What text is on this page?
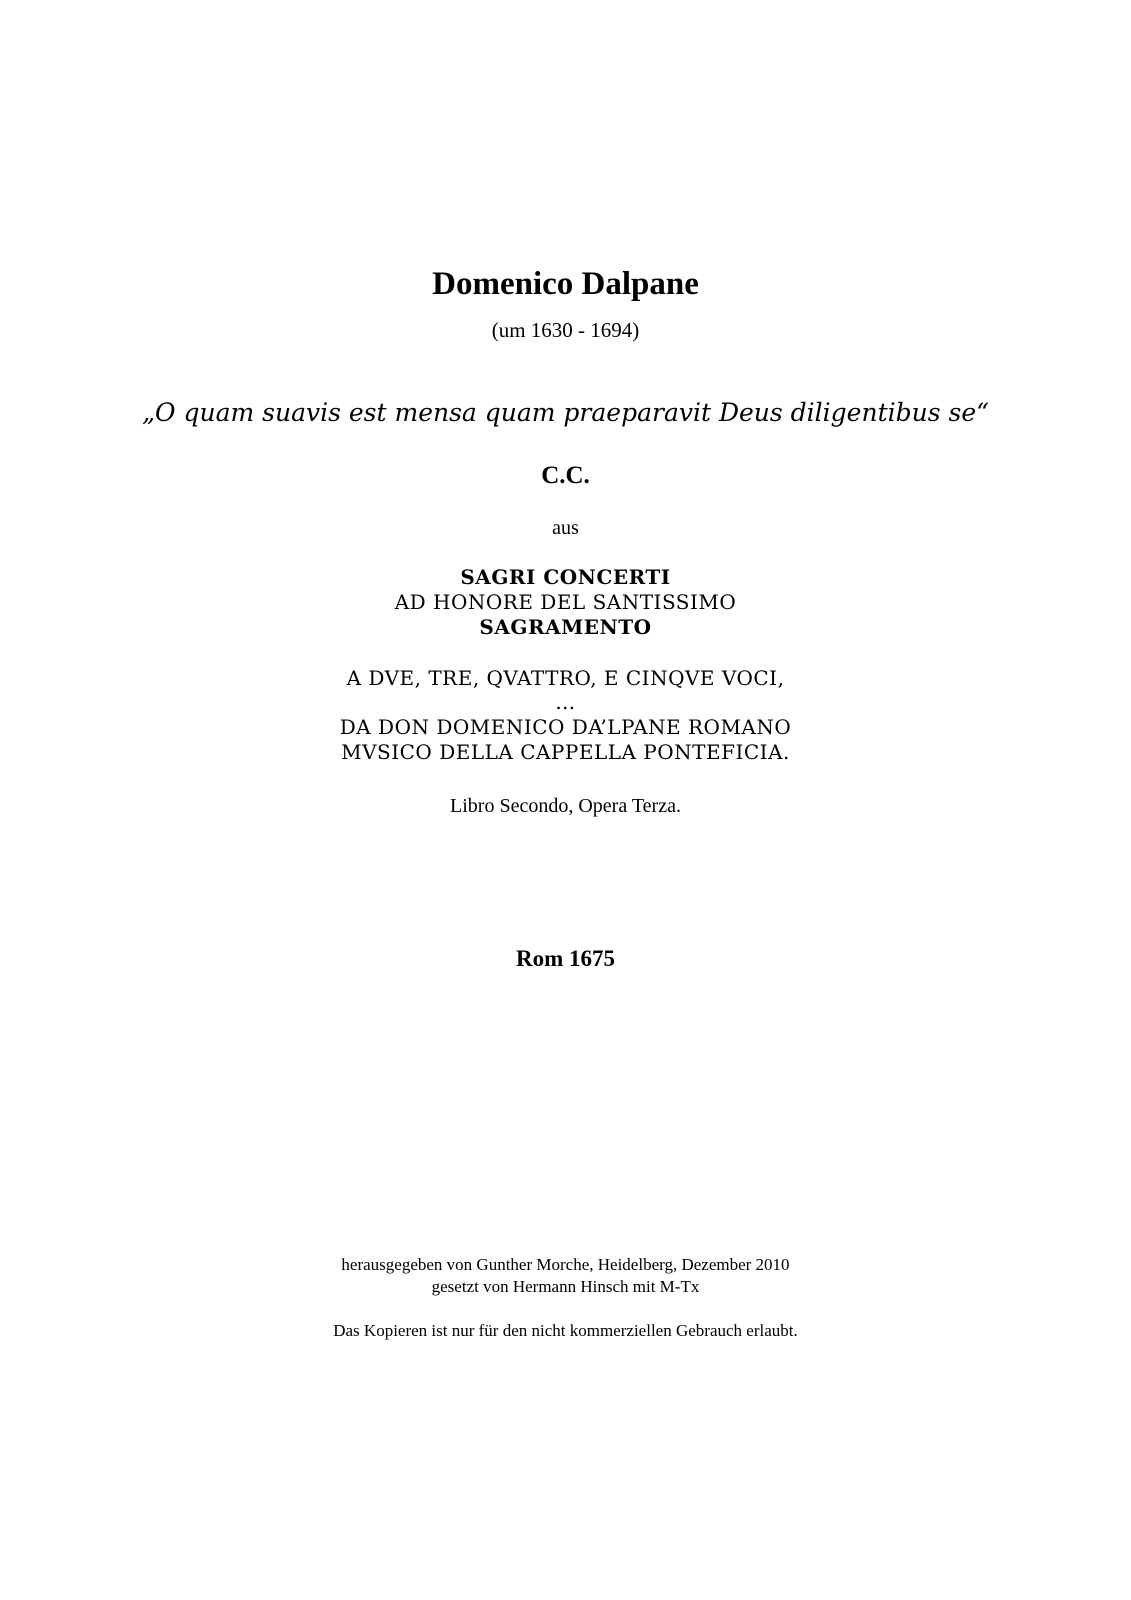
Domenico Dalpane
(um 1630 - 1694)
„O quam suavis est mensa quam praeparavit Deus diligentibus se“
C.C.
aus
SAGRI CONCERTI
AD HONORE DEL SANTISSIMO
SAGRAMENTO
A DVE, TRE, QVATTRO, E CINQVE VOCI,
…
DA DON DOMENICO DA’LPANE ROMANO
MVSICO DELLA CAPPELLA PONTEFICIA.
Libro Secondo, Opera Terza.
Rom 1675
herausgegeben von Gunther Morche, Heidelberg, Dezember 2010
gesetzt von Hermann Hinsch mit M-Tx
Das Kopieren ist nur für den nicht kommerziellen Gebrauch erlaubt.
